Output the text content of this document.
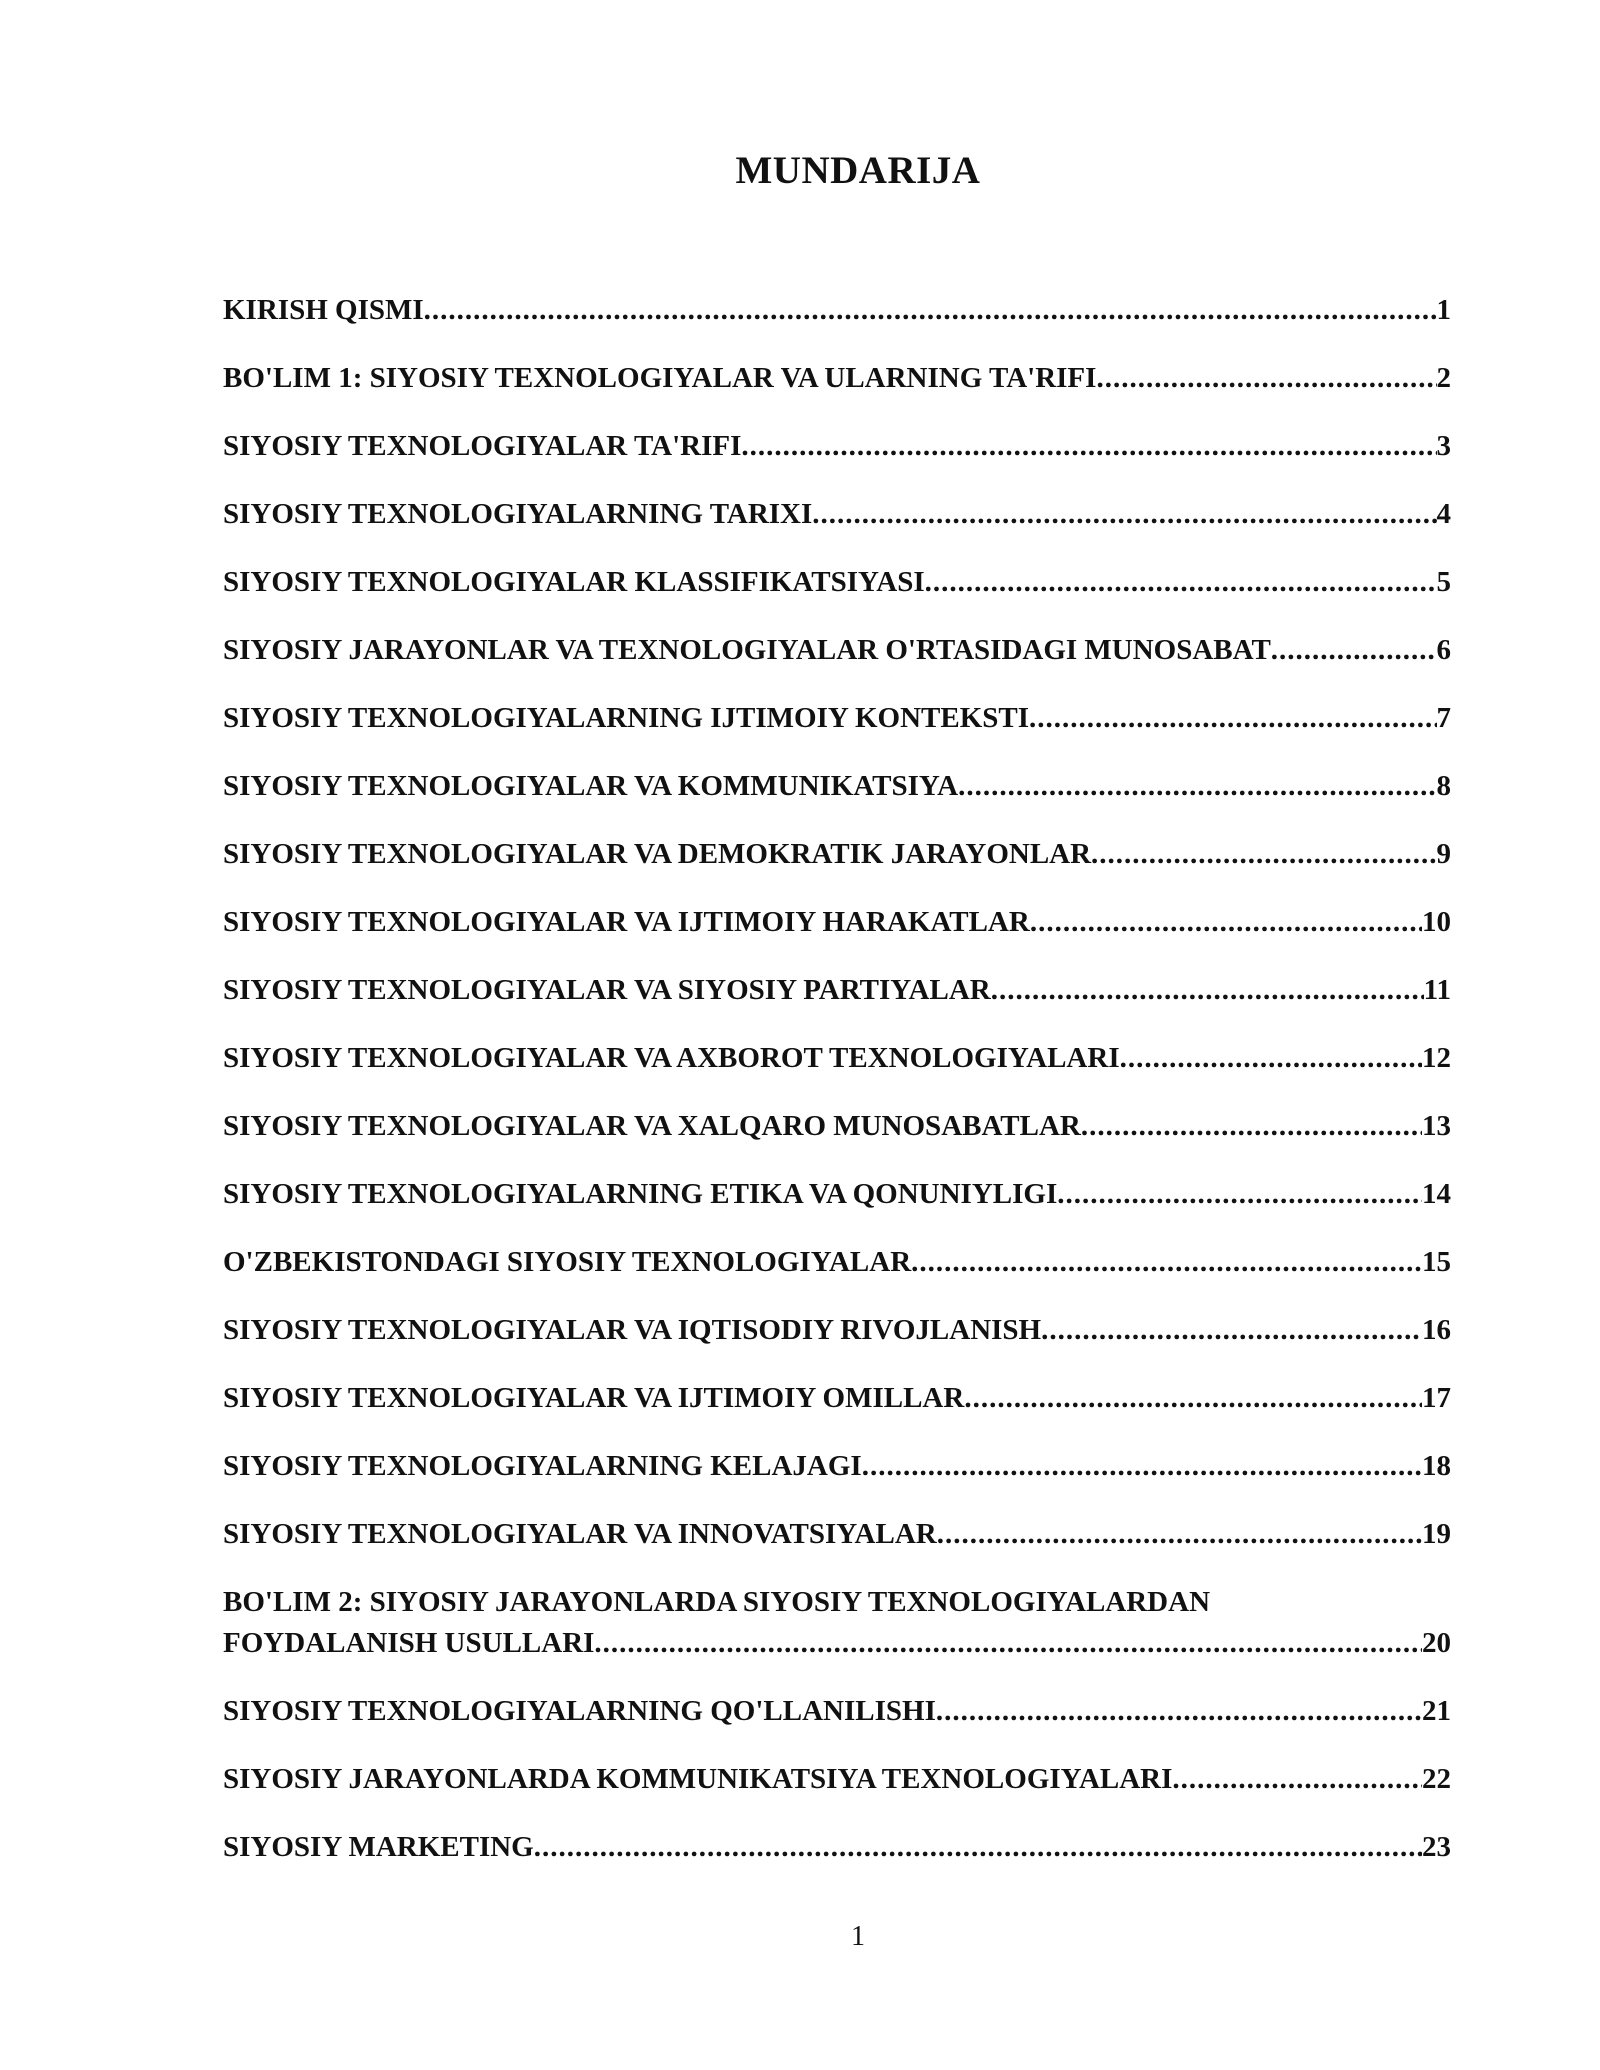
MUNDARIJA
KIRISH QISMI .....	1
BO'LIM 1: SIYOSIY TEXNOLOGIYALAR VA ULARNING TA'RIFI .....	2
SIYOSIY TEXNOLOGIYALAR TA'RIFI .....	3
SIYOSIY TEXNOLOGIYALARNING TARIXI .....	4
SIYOSIY TEXNOLOGIYALAR KLASSIFIKATSIYASI .....	5
SIYOSIY JARAYONLAR VA TEXNOLOGIYALAR O'RTASIDAGI MUNOSABAT .....	6
SIYOSIY TEXNOLOGIYALARNING IJTIMOIY KONTEKSTI .....	7
SIYOSIY TEXNOLOGIYALAR VA KOMMUNIKATSIYA .....	8
SIYOSIY TEXNOLOGIYALAR VA DEMOKRATIK JARAYONLAR .....	9
SIYOSIY TEXNOLOGIYALAR VA IJTIMOIY HARAKATLAR .....	10
SIYOSIY TEXNOLOGIYALAR VA SIYOSIY PARTIYALAR .....	11
SIYOSIY TEXNOLOGIYALAR VA AXBOROT TEXNOLOGIYALARI .....	12
SIYOSIY TEXNOLOGIYALAR VA XALQARO MUNOSABATLAR .....	13
SIYOSIY TEXNOLOGIYALARNING ETIKA VA QONUNIYLIGI .....	14
O'ZBEKISTONDAGI SIYOSIY TEXNOLOGIYALAR .....	15
SIYOSIY TEXNOLOGIYALAR VA IQTISODIY RIVOJLANISH .....	16
SIYOSIY TEXNOLOGIYALAR VA IJTIMOIY OMILLAR .....	17
SIYOSIY TEXNOLOGIYALARNING KELAJAGI .....	18
SIYOSIY TEXNOLOGIYALAR VA INNOVATSIYALAR .....	19
BO'LIM 2: SIYOSIY JARAYONLARDA SIYOSIY TEXNOLOGIYALARDAN
FOYDALANISH USULLARI .....	20
SIYOSIY TEXNOLOGIYALARNING QO'LLANILISHI .....	21
SIYOSIY JARAYONLARDA KOMMUNIKATSIYA TEXNOLOGIYALARI .....	22
SIYOSIY MARKETING .....	23
1
